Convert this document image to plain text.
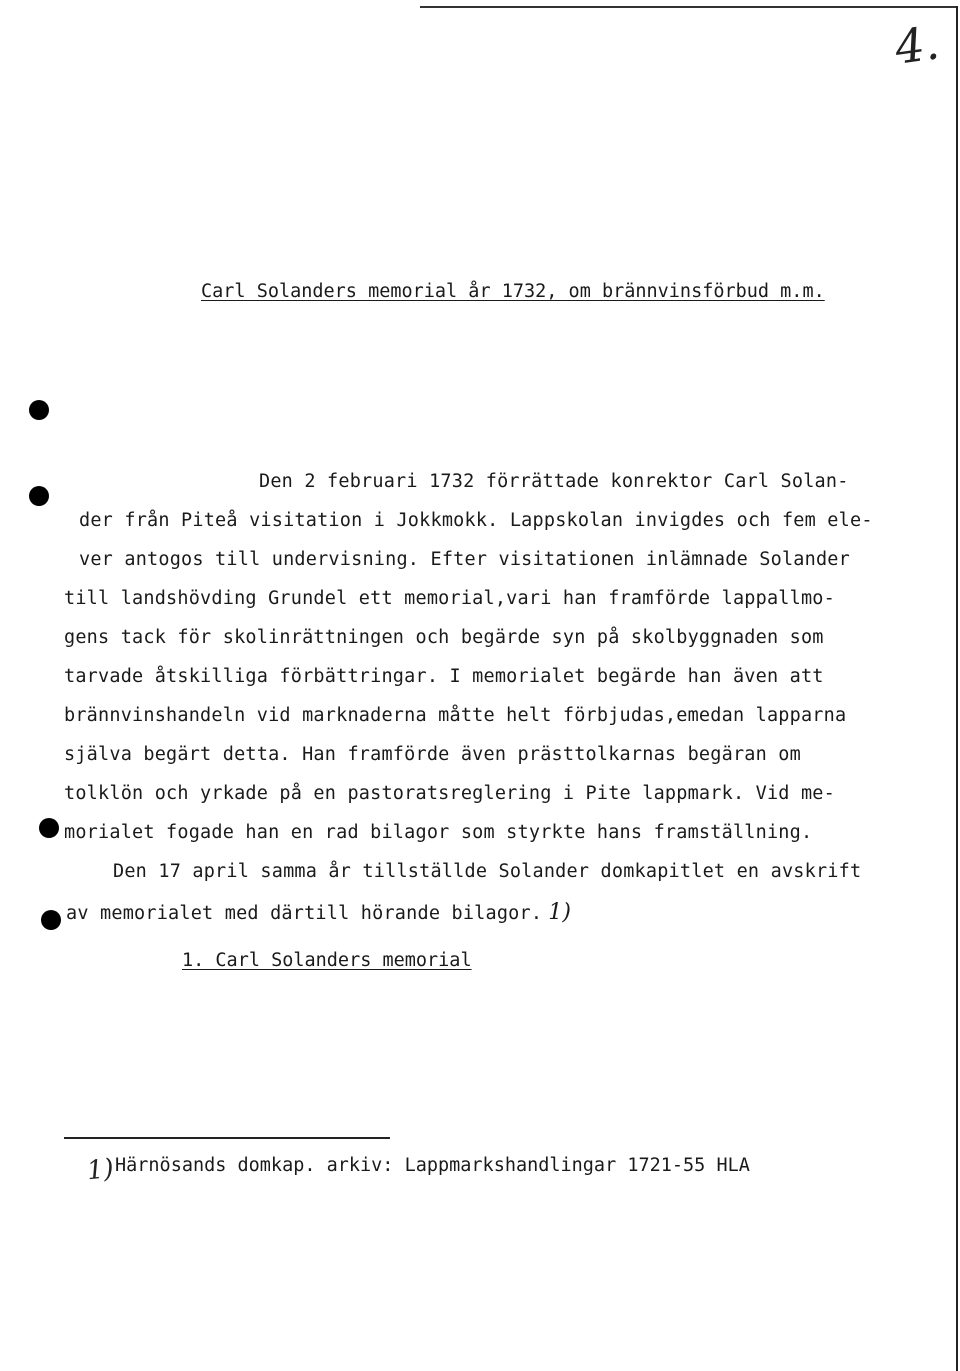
4.
Carl Solanders memorial år 1732, om brännvinsförbud m.m.
Den 2 februari 1732 förrättade konrektor Carl Solan-
der från Piteå visitation i Jokkmokk. Lappskolan invigdes och fem ele-
ver antogos till undervisning. Efter visitationen inlämnade Solander
till landshövding Grundel ett memorial,vari han framförde lappallmo-
gens tack för skolinrättningen och begärde syn på skolbyggnaden som
tarvade åtskilliga förbättringar. I memorialet begärde han även att
brännvinshandeln vid marknaderna måtte helt förbjudas,emedan lapparna
själva begärt detta. Han framförde även prästtolkarnas begäran om
tolklön och yrkade på en pastoratsreglering i Pite lappmark. Vid me-
morialet fogade han en rad bilagor som styrkte hans framställning.
Den 17 april samma år tillställde Solander domkapitlet en avskrift
av memorialet med därtill hörande bilagor. 1)
1. Carl Solanders memorial
1) Härnösands domkap. arkiv: Lappmarkshandlingar 1721-55 HLA
